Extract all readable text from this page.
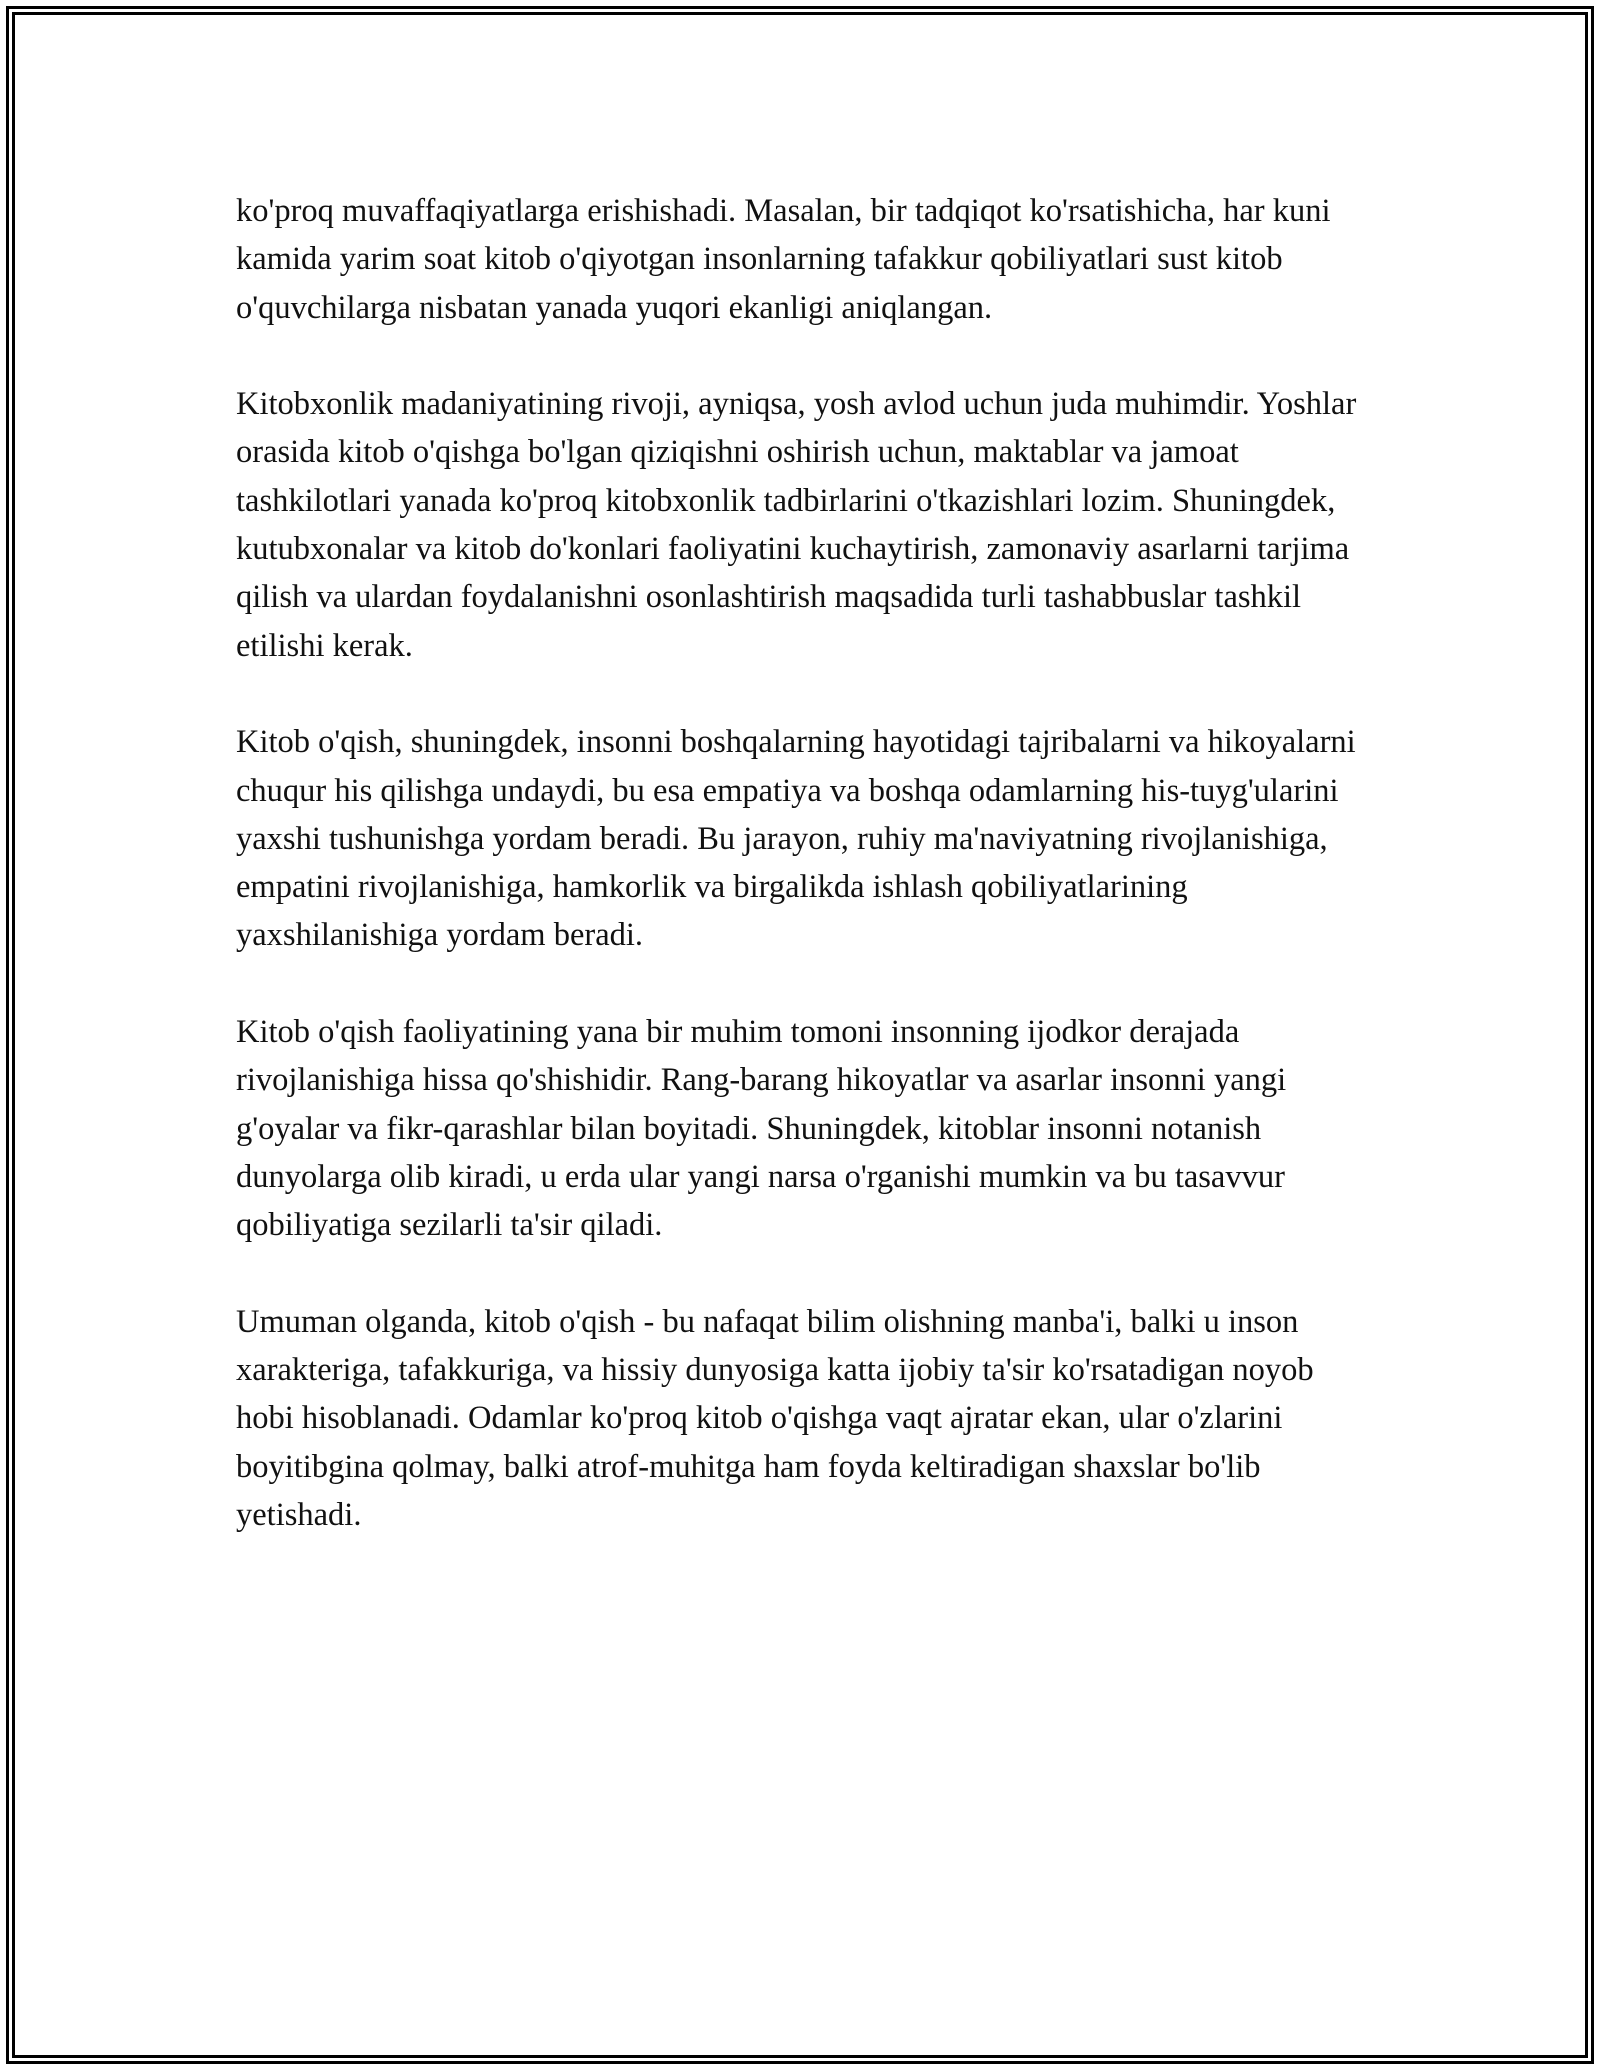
ko'proq muvaffaqiyatlarga erishishadi. Masalan, bir tadqiqot ko'rsatishicha, har kuni kamida yarim soat kitob o'qiyotgan insonlarning tafakkur qobiliyatlari sust kitob o'quvchilarga nisbatan yanada yuqori ekanligi aniqlangan.

Kitobxonlik madaniyatining rivoji, ayniqsa, yosh avlod uchun juda muhimdir. Yoshlar orasida kitob o'qishga bo'lgan qiziqishni oshirish uchun, maktablar va jamoat tashkilotlari yanada ko'proq kitobxonlik tadbirlarini o'tkazishlari lozim. Shuningdek, kutubxonalar va kitob do'konlari faoliyatini kuchaytirish, zamonaviy asarlarni tarjima qilish va ulardan foydalanishni osonlashtirish maqsadida turli tashabbuslar tashkil etilishi kerak.

Kitob o'qish, shuningdek, insonni boshqalarning hayotidagi tajribalarni va hikoyalarni chuqur his qilishga undaydi, bu esa empatiya va boshqa odamlarning his-tuyg'ularini yaxshi tushunishga yordam beradi. Bu jarayon, ruhiy ma'naviyatning rivojlanishiga, empatini rivojlanishiga, hamkorlik va birgalikda ishlash qobiliyatlarining yaxshilanishiga yordam beradi.

Kitob o'qish faoliyatining yana bir muhim tomoni insonning ijodkor derajada rivojlanishiga hissa qo'shishidir. Rang-barang hikoyatlar va asarlar insonni yangi g'oyalar va fikr-qarashlar bilan boyitadi. Shuningdek, kitoblar insonni notanish dunyolarga olib kiradi, u erda ular yangi narsa o'rganishi mumkin va bu tasavvur qobiliyatiga sezilarli ta'sir qiladi.

Umuman olganda, kitob o'qish - bu nafaqat bilim olishning manba'i, balki u inson xarakteriga, tafakkuriga, va hissiy dunyosiga katta ijobiy ta'sir ko'rsatadigan noyob hobi hisoblanadi. Odamlar ko'proq kitob o'qishga vaqt ajratar ekan, ular o'zlarini boyitibgina qolmay, balki atrof-muhitga ham foyda keltiradigan shaxslar bo'lib yetishadi.
